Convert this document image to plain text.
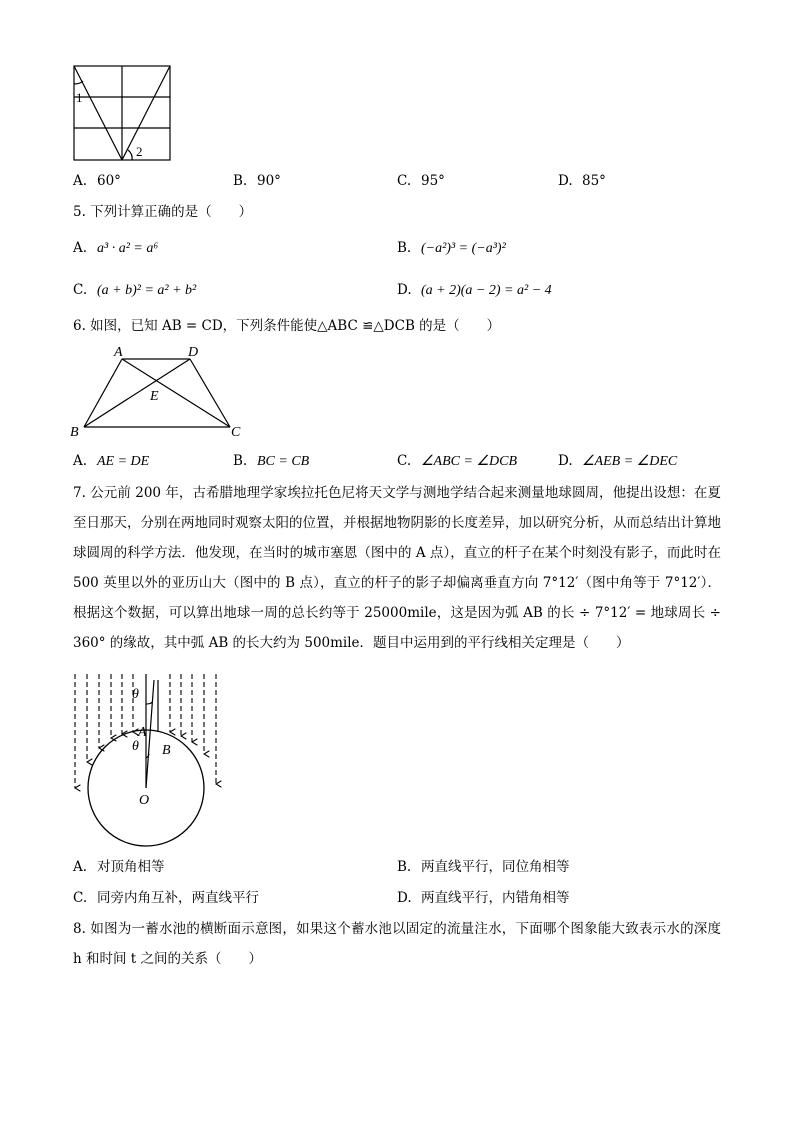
1
2
A. 60°	B. 90°	C. 95°	D. 85°
5. 下列计算正确的是（　　）
A. a³ · a² = a⁶	B. (−a²)³ = (−a³)²
C. (a + b)² = a² + b²	D. (a + 2)(a − 2) = a² − 4
6. 如图，已知 AB = CD，下列条件能使△ABC ≌△DCB 的是（　　）
A	D
E
B	C
A. AE = DE	B. BC = CB	C. ∠ABC = ∠DCB	D. ∠AEB = ∠DEC
7. 公元前 200 年，古希腊地理学家埃拉托色尼将天文学与测地学结合起来测量地球圆周，他提出设想：在夏至日那天，分别在两地同时观察太阳的位置，并根据地物阴影的长度差异，加以研究分析，从而总结出计算地球圆周的科学方法．他发现，在当时的城市塞恩（图中的 A 点），直立的杆子在某个时刻没有影子，而此时在 500 英里以外的亚历山大（图中的 B 点），直立的杆子的影子却偏离垂直方向 7°12′（图中角等于 7°12′）．根据这个数据，可以算出地球一周的总长约等于 25000mile，这是因为弧 AB 的长 ÷ 7°12′ = 地球周长 ÷ 360° 的缘故，其中弧 AB 的长大约为 500mile．题目中运用到的平行线相关定理是（　　）
θ
θ
A
B
O
A. 对顶角相等	B. 两直线平行，同位角相等
C. 同旁内角互补，两直线平行	D. 两直线平行，内错角相等
8. 如图为一蓄水池的横断面示意图，如果这个蓄水池以固定的流量注水，下面哪个图象能大致表示水的深度 h 和时间 t 之间的关系（　　）
